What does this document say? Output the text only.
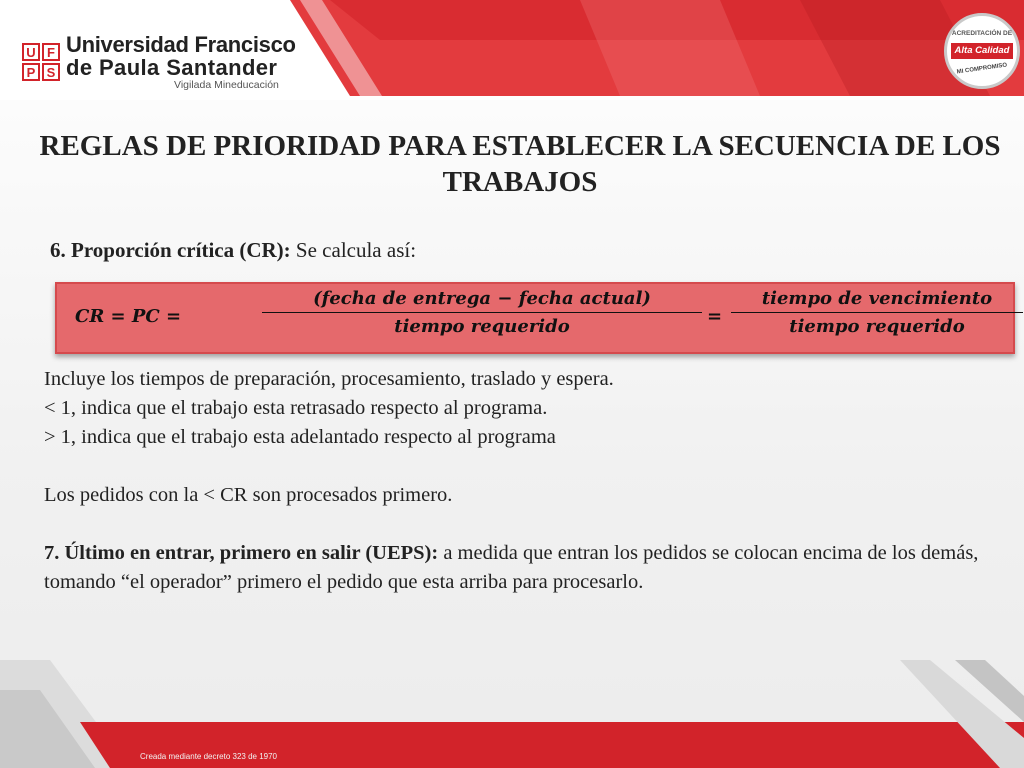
U F
P S
Universidad Francisco
de Paula Santander
Vigilada Mineducación
ACREDITACIÓN DE
Alta Calidad
MI COMPROMISO
REGLAS DE PRIORIDAD PARA ESTABLECER LA SECUENCIA DE LOS TRABAJOS
6. Proporción crítica (CR): Se calcula así:
𝑪𝑹 = 𝑷𝑪 =
(𝒇𝒆𝒄𝒉𝒂 𝒅𝒆 𝒆𝒏𝒕𝒓𝒆𝒈𝒂 − 𝒇𝒆𝒄𝒉𝒂 𝒂𝒄𝒕𝒖𝒂𝒍)
𝒕𝒊𝒆𝒎𝒑𝒐 𝒓𝒆𝒒𝒖𝒆𝒓𝒊𝒅𝒐	=
𝒕𝒊𝒆𝒎𝒑𝒐 𝒅𝒆 𝒗𝒆𝒏𝒄𝒊𝒎𝒊𝒆𝒏𝒕𝒐
𝒕𝒊𝒆𝒎𝒑𝒐 𝒓𝒆𝒒𝒖𝒆𝒓𝒊𝒅𝒐

Incluye los tiempos de preparación, procesamiento, traslado y espera.

< 1, indica que el trabajo esta retrasado respecto al programa.

> 1, indica que el trabajo esta adelantado respecto al programa

Los pedidos con la < CR son procesados primero.

7. Último en entrar, primero en salir (UEPS): a medida que entran los pedidos se colocan encima de los demás, tomando “el operador” primero el pedido que esta arriba para procesarlo.

Creada mediante decreto 323 de 1970
